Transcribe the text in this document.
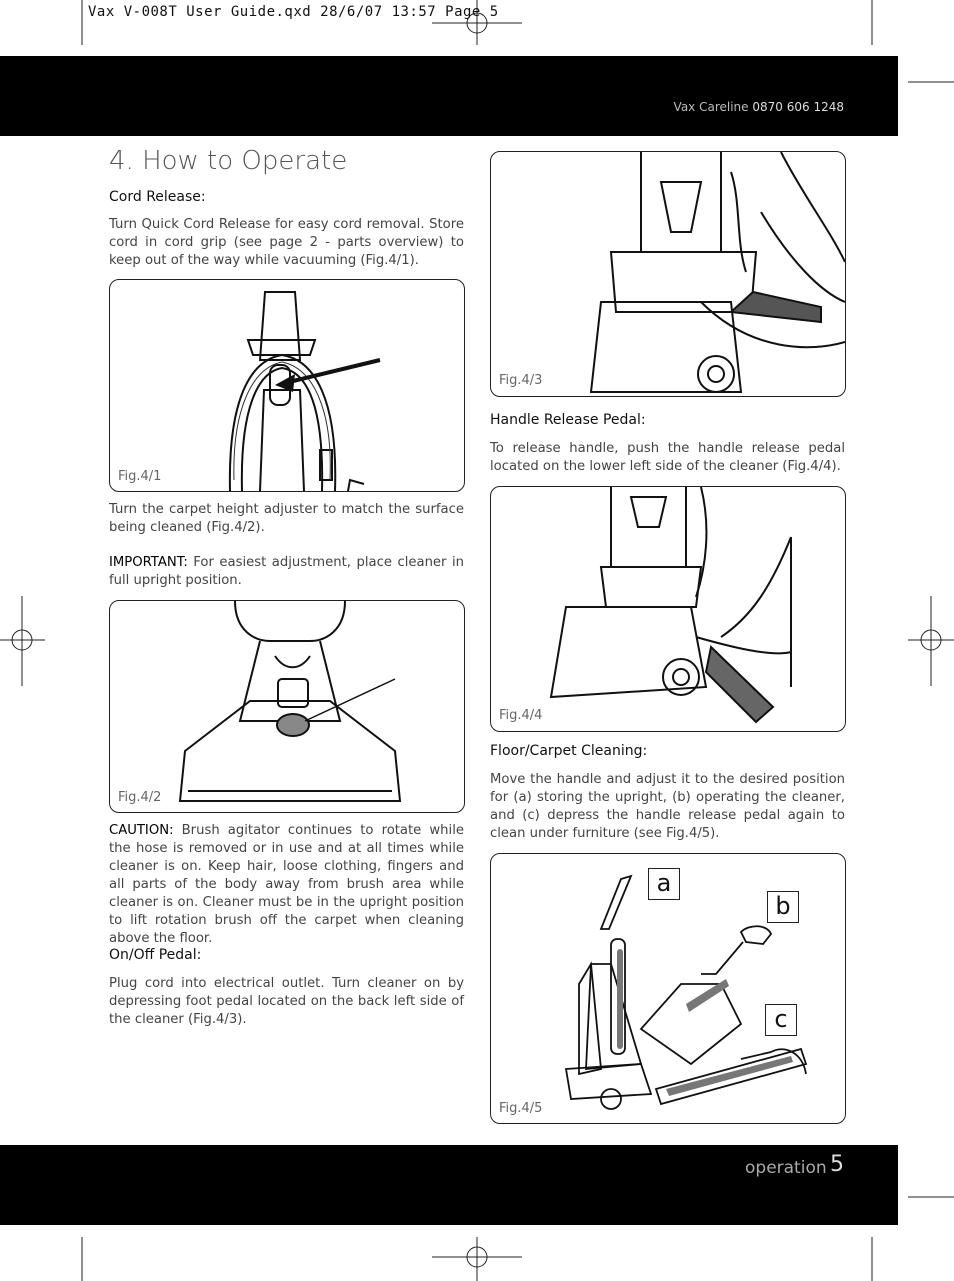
Vax V-008T User Guide.qxd 28/6/07 13:57 Page 5
Vax Careline 0870 606 1248
4. How to Operate
Cord Release:
Turn Quick Cord Release for easy cord removal. Store cord in cord grip (see page 2 - parts overview) to keep out of the way while vacuuming (Fig.4/1).
Fig.4/1
Turn the carpet height adjuster to match the surface being cleaned (Fig.4/2).
IMPORTANT: For easiest adjustment, place cleaner in full upright position.
Fig.4/2
CAUTION: Brush agitator continues to rotate while the hose is removed or in use and at all times while cleaner is on. Keep hair, loose clothing, fingers and all parts of the body away from brush area while cleaner is on. Cleaner must be in the upright position to lift rotation brush off the carpet when cleaning above the floor.
On/Off Pedal:
Plug cord into electrical outlet. Turn cleaner on by depressing foot pedal located on the back left side of the cleaner (Fig.4/3).
Fig.4/3
Handle Release Pedal:
To release handle, push the handle release pedal located on the lower left side of the cleaner (Fig.4/4).
Fig.4/4
Floor/Carpet Cleaning:
Move the handle and adjust it to the desired position for (a) storing the upright, (b) operating the cleaner, and (c) depress the handle release pedal again to clean under furniture (see Fig.4/5).
a
b
c
Fig.4/5
operation 5
